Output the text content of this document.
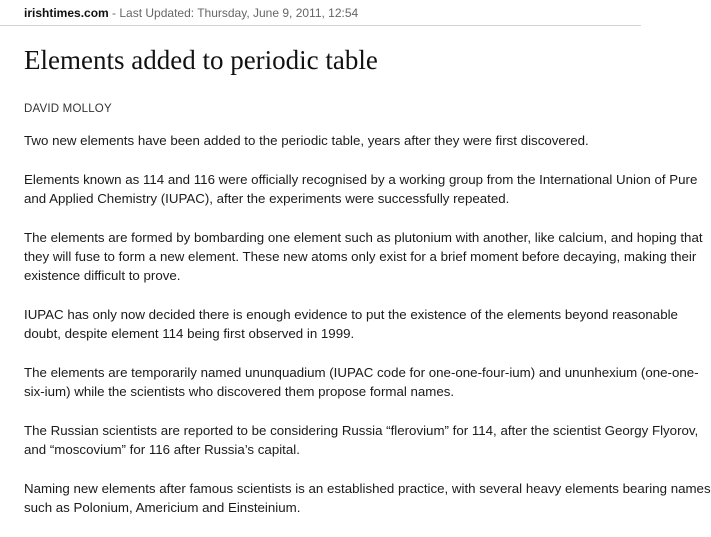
irishtimes.com - Last Updated: Thursday, June 9, 2011, 12:54
Elements added to periodic table
DAVID MOLLOY

Two new elements have been added to the periodic table, years after they were first discovered.

Elements known as 114 and 116 were officially recognised by a working group from the International Union of Pure
and Applied Chemistry (IUPAC), after the experiments were successfully repeated.

The elements are formed by bombarding one element such as plutonium with another, like calcium, and hoping that
they will fuse to form a new element. These new atoms only exist for a brief moment before decaying, making their
existence difficult to prove.

IUPAC has only now decided there is enough evidence to put the existence of the elements beyond reasonable
doubt, despite element 114 being first observed in 1999.

The elements are temporarily named ununquadium (IUPAC code for one-one-four-ium) and ununhexium (one-one-
six-ium) while the scientists who discovered them propose formal names.

The Russian scientists are reported to be considering Russia “flerovium” for 114, after the scientist Georgy Flyorov,
and “moscovium” for 116 after Russia’s capital.

Naming new elements after famous scientists is an established practice, with several heavy elements bearing names
such as Polonium, Americium and Einsteinium.
